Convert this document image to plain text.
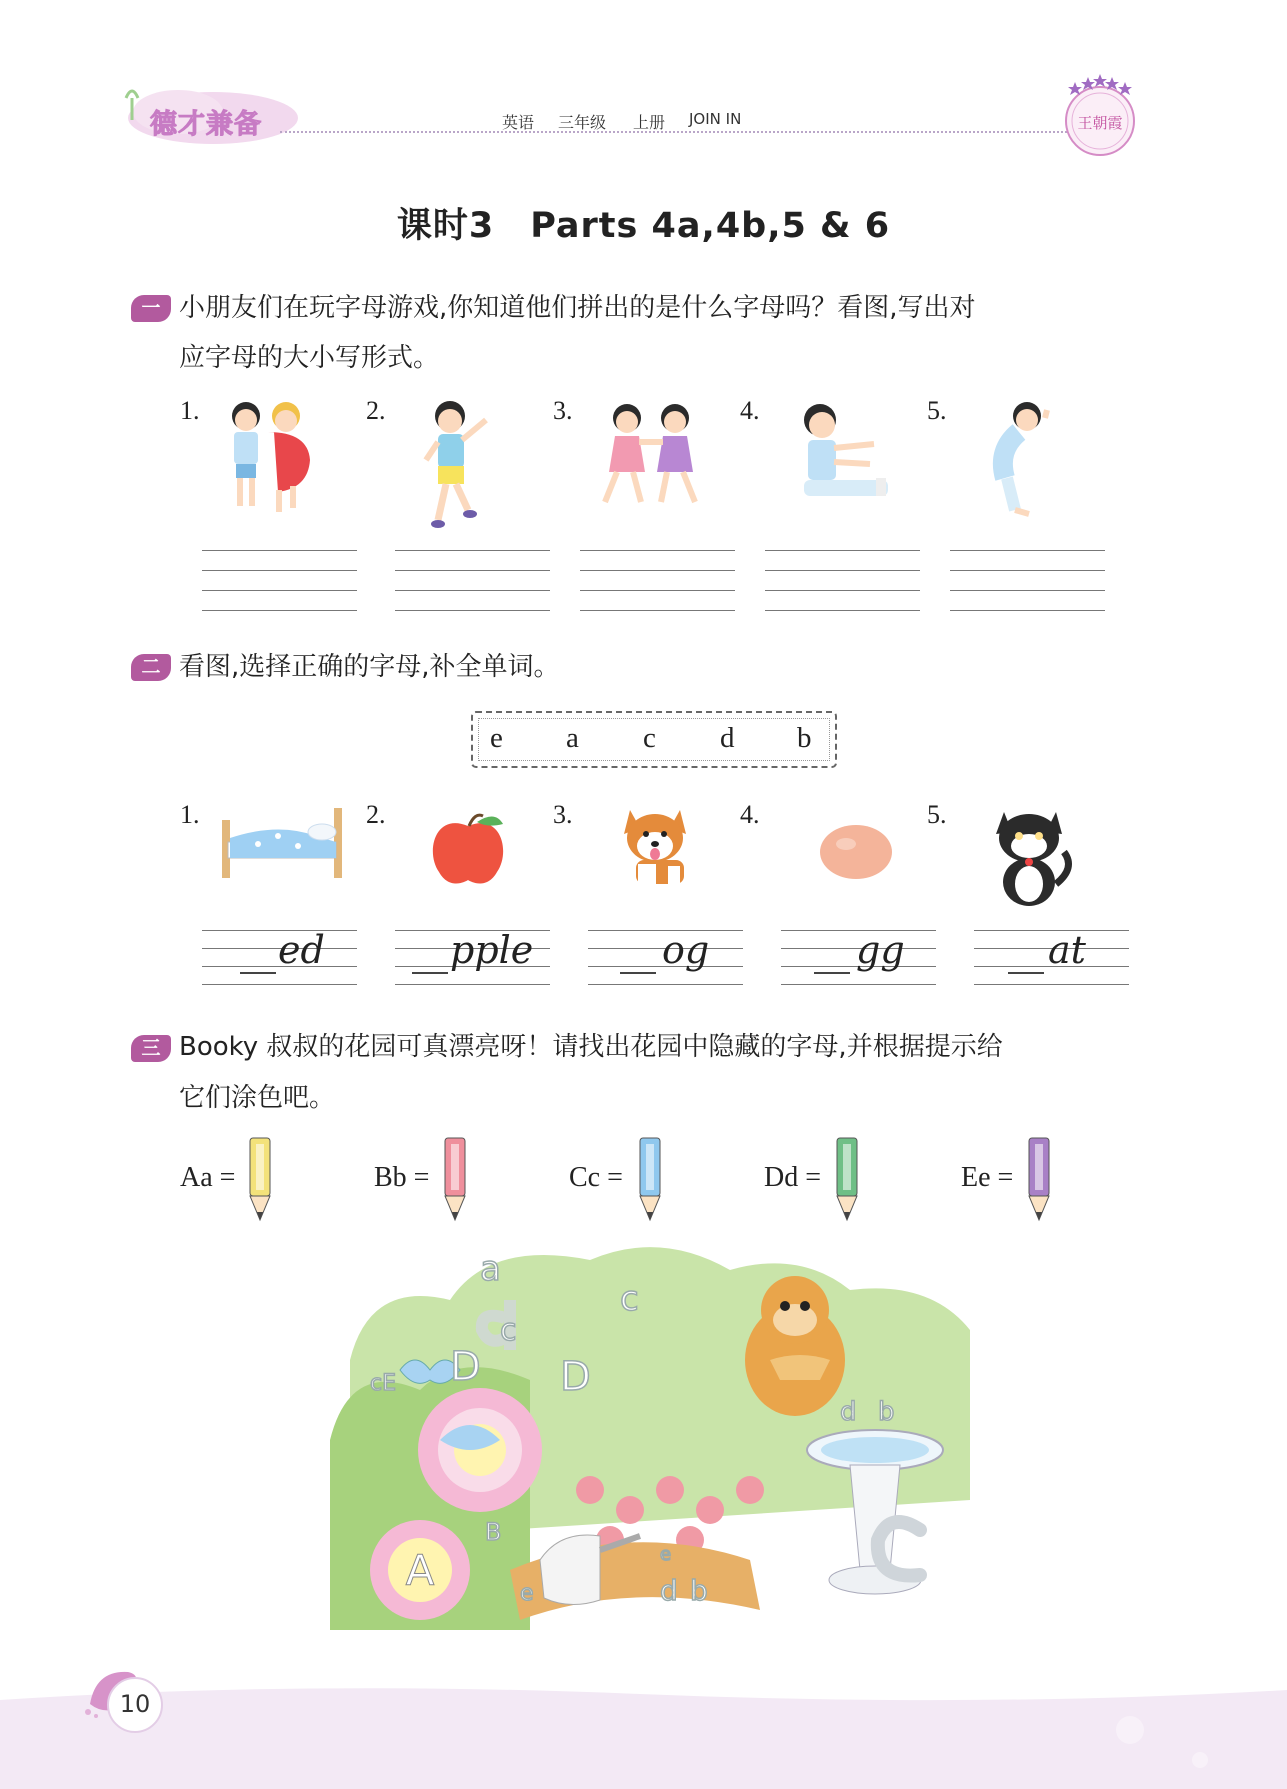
德才兼备	英语 三年级 上册 JOIN IN	王朝霞
课时3　Parts 4a,4b,5 & 6
一 小朋友们在玩字母游戏,你知道他们拼出的是什么字母吗？看图,写出对
应字母的大小写形式。
1.	2.	3.	4.	5.
二 看图,选择正确的字母,补全单词。
e a c d b
1.	2.	3.	4.	5.
ed	pple	og	gg	at
三 Booky 叔叔的花园可真漂亮呀！请找出花园中隐藏的字母,并根据提示给
它们涂色吧。
Aa =	Bb =	Cc =	Dd =	Ee =
A
D D
a
c
c
cE
d b
e
B
e
d b
10
